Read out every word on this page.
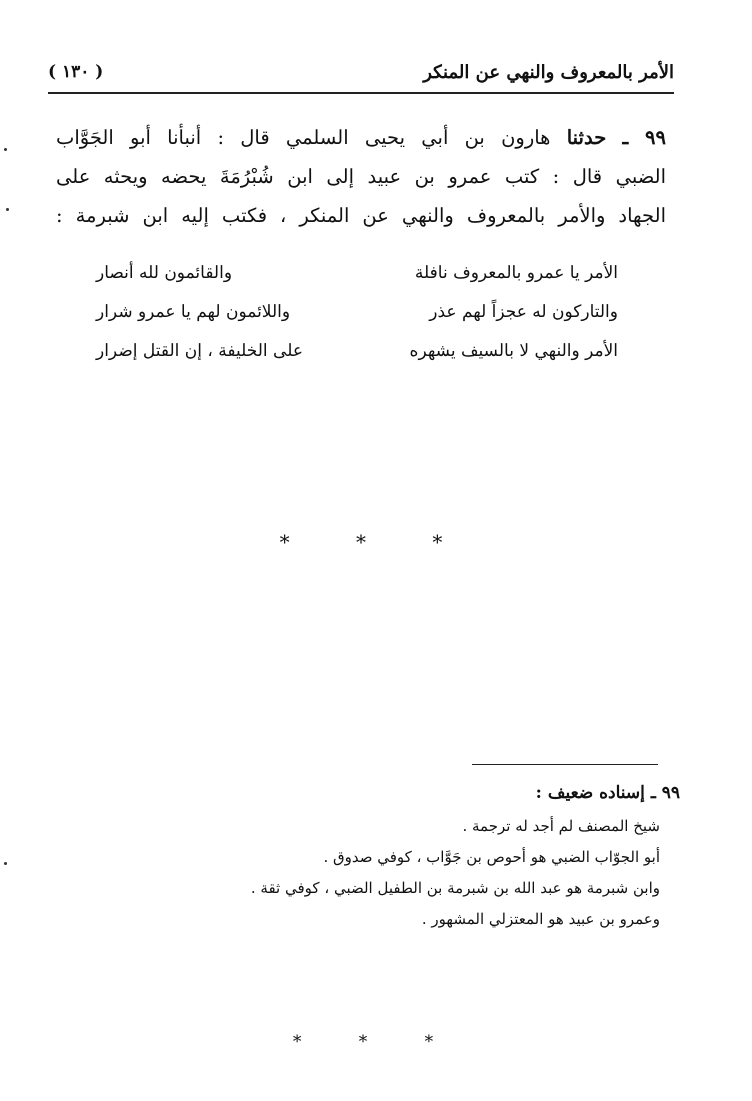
( ١٣٠ )	الأمر بالمعروف والنهي عن المنكر

٩٩ ـ حدثنا هارون بن أبي يحيى السلمي قال : أنبأنا أبو الجَوَّاب

الضبي قال : كتب عمرو بن عبيد إلى ابن شُبْرُمَةَ يحضه ويحثه على

الجهاد والأمر بالمعروف والنهي عن المنكر ، فكتب إليه ابن شبرمة :

الأمر يا عمرو بالمعروف نافلة
والقائمون لله أنصار
والتاركون له عجزاً لهم عذر
واللائمون لهم يا عمرو شرار
الأمر والنهي لا بالسيف يشهره
على الخليفة ، إن القتل إضرار
* * *
٩٩ ـ إسناده ضعيف :
شيخ المصنف لم أجد له ترجمة .
أبو الجوّاب الضبي هو أحوص بن جَوَّاب ، كوفي صدوق .
وابن شبرمة هو عبد الله بن شبرمة بن الطفيل الضبي ، كوفي ثقة .
وعمرو بن عبيد هو المعتزلي المشهور .
* * *
